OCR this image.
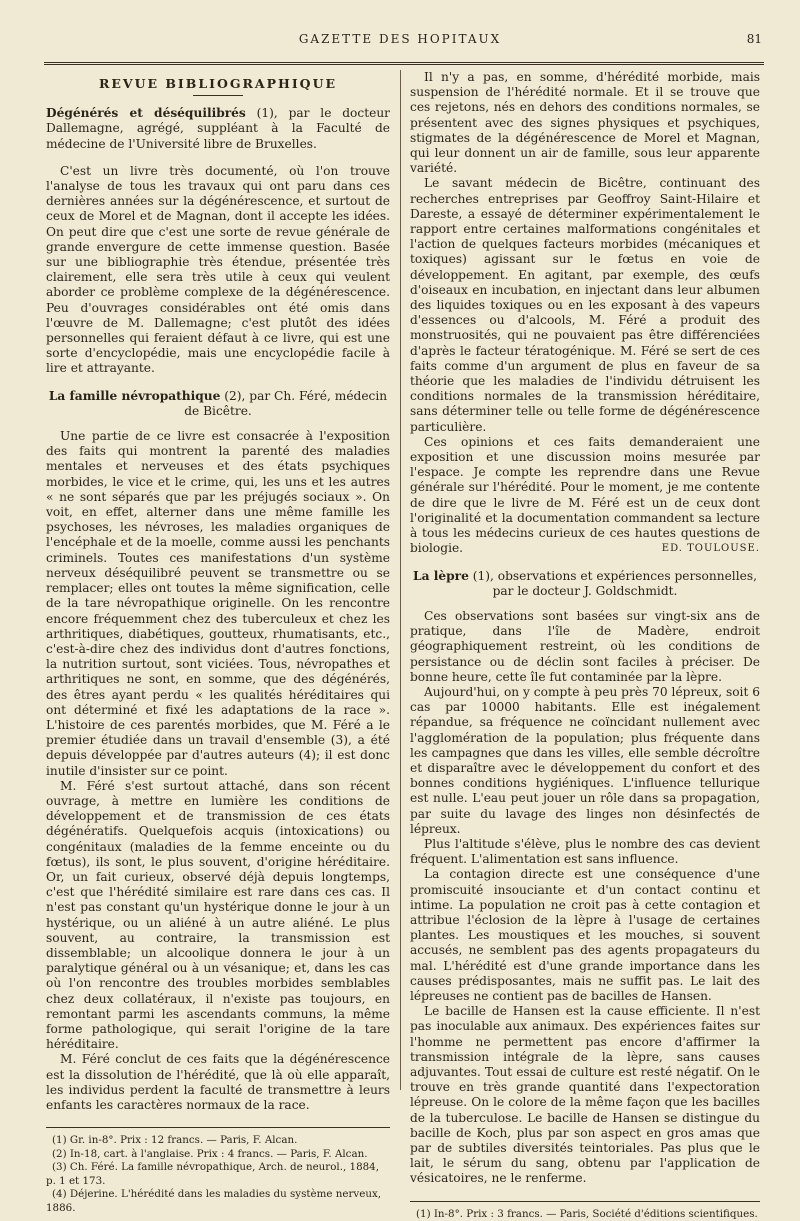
GAZETTE DES HOPITAUX	81
REVUE BIBLIOGRAPHIQUE

Dégénérés et déséquilibrés (1), par le docteur Dallemagne, agrégé, suppléant à la Faculté de médecine de l'Université libre de Bruxelles.

C'est un livre très documenté, où l'on trouve l'analyse de tous les travaux qui ont paru dans ces dernières années sur la dégénérescence, et surtout de ceux de Morel et de Magnan, dont il accepte les idées. On peut dire que c'est une sorte de revue générale de grande envergure de cette immense question. Basée sur une bibliographie très étendue, présentée très clairement, elle sera très utile à ceux qui veulent aborder ce problème complexe de la dégénérescence. Peu d'ouvrages considérables ont été omis dans l'œuvre de M. Dallemagne; c'est plutôt des idées personnelles qui feraient défaut à ce livre, qui est une sorte d'encyclopédie, mais une encyclopédie facile à lire et attrayante.

La famille névropathique (2), par Ch. Féré, médecin de Bicêtre.

Une partie de ce livre est consacrée à l'exposition des faits qui montrent la parenté des maladies mentales et nerveuses et des états psychiques morbides, le vice et le crime, qui, les uns et les autres « ne sont séparés que par les préjugés sociaux ». On voit, en effet, alterner dans une même famille les psychoses, les névroses, les maladies organiques de l'encéphale et de la moelle, comme aussi les penchants criminels. Toutes ces manifestations d'un système nerveux déséquilibré peuvent se transmettre ou se remplacer; elles ont toutes la même signification, celle de la tare névropathique originelle. On les rencontre encore fréquemment chez des tuberculeux et chez les arthritiques, diabétiques, goutteux, rhumatisants, etc., c'est-à-dire chez des individus dont d'autres fonctions, la nutrition surtout, sont viciées. Tous, névropathes et arthritiques ne sont, en somme, que des dégénérés, des êtres ayant perdu « les qualités héréditaires qui ont déterminé et fixé les adaptations de la race ». L'histoire de ces parentés morbides, que M. Féré a le premier étudiée dans un travail d'ensemble (3), a été depuis développée par d'autres auteurs (4); il est donc inutile d'insister sur ce point.

M. Féré s'est surtout attaché, dans son récent ouvrage, à mettre en lumière les conditions de développement et de transmission de ces états dégénératifs. Quelquefois acquis (intoxications) ou congénitaux (maladies de la femme enceinte ou du fœtus), ils sont, le plus souvent, d'origine héréditaire. Or, un fait curieux, observé déjà depuis longtemps, c'est que l'hérédité similaire est rare dans ces cas. Il n'est pas constant qu'un hystérique donne le jour à un hystérique, ou un aliéné à un autre aliéné. Le plus souvent, au contraire, la transmission est dissemblable; un alcoolique donnera le jour à un paralytique général ou à un vésanique; et, dans les cas où l'on rencontre des troubles morbides semblables chez deux collatéraux, il n'existe pas toujours, en remontant parmi les ascendants communs, la même forme pathologique, qui serait l'origine de la tare héréditaire.

M. Féré conclut de ces faits que la dégénérescence est la dissolution de l'hérédité, que là où elle apparaît, les individus perdent la faculté de transmettre à leurs enfants les caractères normaux de la race.

(1) Gr. in-8°. Prix : 12 francs. — Paris, F. Alcan.

(2) In-18, cart. à l'anglaise. Prix : 4 francs. — Paris, F. Alcan.

(3) Ch. Féré. La famille névropathique, Arch. de neurol., 1884, p. 1 et 173.

(4) Déjerine. L'hérédité dans les maladies du système nerveux, 1886.

Il n'y a pas, en somme, d'hérédité morbide, mais suspension de l'hérédité normale. Et il se trouve que ces rejetons, nés en dehors des conditions normales, se présentent avec des signes physiques et psychiques, stigmates de la dégénérescence de Morel et Magnan, qui leur donnent un air de famille, sous leur apparente variété.

Le savant médecin de Bicêtre, continuant des recherches entreprises par Geoffroy Saint-Hilaire et Dareste, a essayé de déterminer expérimentalement le rapport entre certaines malformations congénitales et l'action de quelques facteurs morbides (mécaniques et toxiques) agissant sur le fœtus en voie de développement. En agitant, par exemple, des œufs d'oiseaux en incubation, en injectant dans leur albumen des liquides toxiques ou en les exposant à des vapeurs d'essences ou d'alcools, M. Féré a produit des monstruosités, qui ne pouvaient pas être différenciées d'après le facteur tératogénique. M. Féré se sert de ces faits comme d'un argument de plus en faveur de sa théorie que les maladies de l'individu détruisent les conditions normales de la transmission héréditaire, sans déterminer telle ou telle forme de dégénérescence particulière.

Ces opinions et ces faits demanderaient une exposition et une discussion moins mesurée par l'espace. Je compte les reprendre dans une Revue générale sur l'hérédité. Pour le moment, je me contente de dire que le livre de M. Féré est un de ceux dont l'originalité et la documentation commandent sa lecture à tous les médecins curieux de ces hautes questions de biologie.	ED. TOULOUSE.

La lèpre (1), observations et expériences personnelles, par le docteur J. Goldschmidt.

Ces observations sont basées sur vingt-six ans de pratique, dans l'île de Madère, endroit géographiquement restreint, où les conditions de persistance ou de déclin sont faciles à préciser. De bonne heure, cette île fut contaminée par la lèpre.

Aujourd'hui, on y compte à peu près 70 lépreux, soit 6 cas par 10000 habitants. Elle est inégalement répandue, sa fréquence ne coïncidant nullement avec l'agglomération de la population; plus fréquente dans les campagnes que dans les villes, elle semble décroître et disparaître avec le développement du confort et des bonnes conditions hygiéniques. L'influence tellurique est nulle. L'eau peut jouer un rôle dans sa propagation, par suite du lavage des linges non désinfectés de lépreux.

Plus l'altitude s'élève, plus le nombre des cas devient fréquent. L'alimentation est sans influence.

La contagion directe est une conséquence d'une promiscuité insouciante et d'un contact continu et intime. La population ne croit pas à cette contagion et attribue l'éclosion de la lèpre à l'usage de certaines plantes. Les moustiques et les mouches, si souvent accusés, ne semblent pas des agents propagateurs du mal. L'hérédité est d'une grande importance dans les causes prédisposantes, mais ne suffit pas. Le lait des lépreuses ne contient pas de bacilles de Hansen.

Le bacille de Hansen est la cause efficiente. Il n'est pas inoculable aux animaux. Des expériences faites sur l'homme ne permettent pas encore d'affirmer la transmission intégrale de la lèpre, sans causes adjuvantes. Tout essai de culture est resté négatif. On le trouve en très grande quantité dans l'expectoration lépreuse. On le colore de la même façon que les bacilles de la tuberculose. Le bacille de Hansen se distingue du bacille de Koch, plus par son aspect en gros amas que par de subtiles diversités teintoriales. Pas plus que le lait, le sérum du sang, obtenu par l'application de vésicatoires, ne le renferme.

(1) In-8°. Prix : 3 francs. — Paris, Société d'éditions scientifiques.
